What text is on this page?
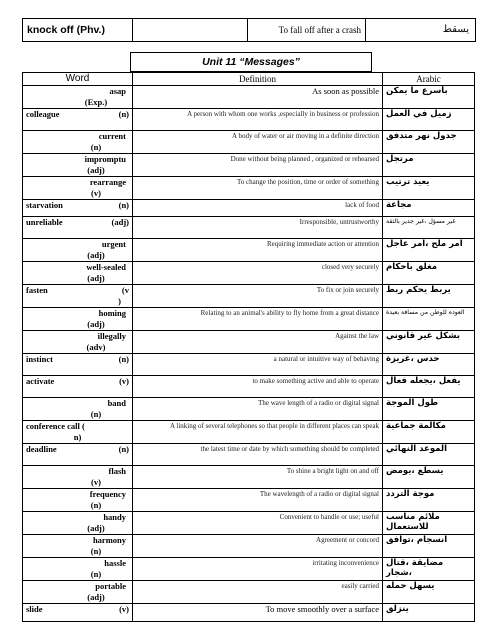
knock off (Phv.)	To fall off after a crash	يسقط
Unit 11 “Messages”
Word	Definition	Arabic

asap
(Exp.)	As soon as possible	بأسرع ما يمكن

colleague (n)	A person with whom one works ,especially in business or profession	زميل في العمل

current
(n)	A body of water or air moving in a definite direction	جدول نهر متدفق

impromptu
(adj)	Done without being planned , organized or rehearsed	مرتجل

rearrange
(v)	To change the position, time or order of something	يعيد ترتيب

starvation (n)	lack of food	مجاعة

unreliable (adj)	Irresponsible, untrustworthy	غير مسؤل ،غير جدير بالثقة

urgent
(adj)	Requiring immediate action or attention	امر ملح ،امر عاجل

well-sealed
(adj)	closed very securely	مغلق باحكام

fasten (v
)	To fix or join securely	يربط يحكم ربط

homing
(adj)	Relating to an animal's ability to fly home from a great distance	العوده للوطن من مسافة بعيدة

illegally
(adv)	Against the law	بشكل غير قانوني

instinct (n)	a natural or intuitive way of behaving	حدس ،غريزة

activate (v)	to make something active and able to operate	يفعل ،يجعله فعال

band
(n)	The wave length of a radio or digital signal	طول الموجة

conference call (
n)	A linking of several telephones so that people in different places can speak	مكالمة جماعية

deadline (n)	the latest time or date by which something should be completed	الموعد النهائي

flash
(v)	To shine a bright light on and off	يسطع ،يومض

frequency
(n)	The wavelength of a radio or digital signal	موجة التردد

handy
(adj)	Convenient to handle or use; useful	ملائم مناسب للاستعمال

harmony
(n)	Agreement or concord	انسجام ،توافق

hassle
(n)	irritating inconvenience	مضايقة ،قتال ،شجار

portable
(adj)	easily carried	يسهل حمله

slide (v)	To move smoothly over a surface	ينزلق
